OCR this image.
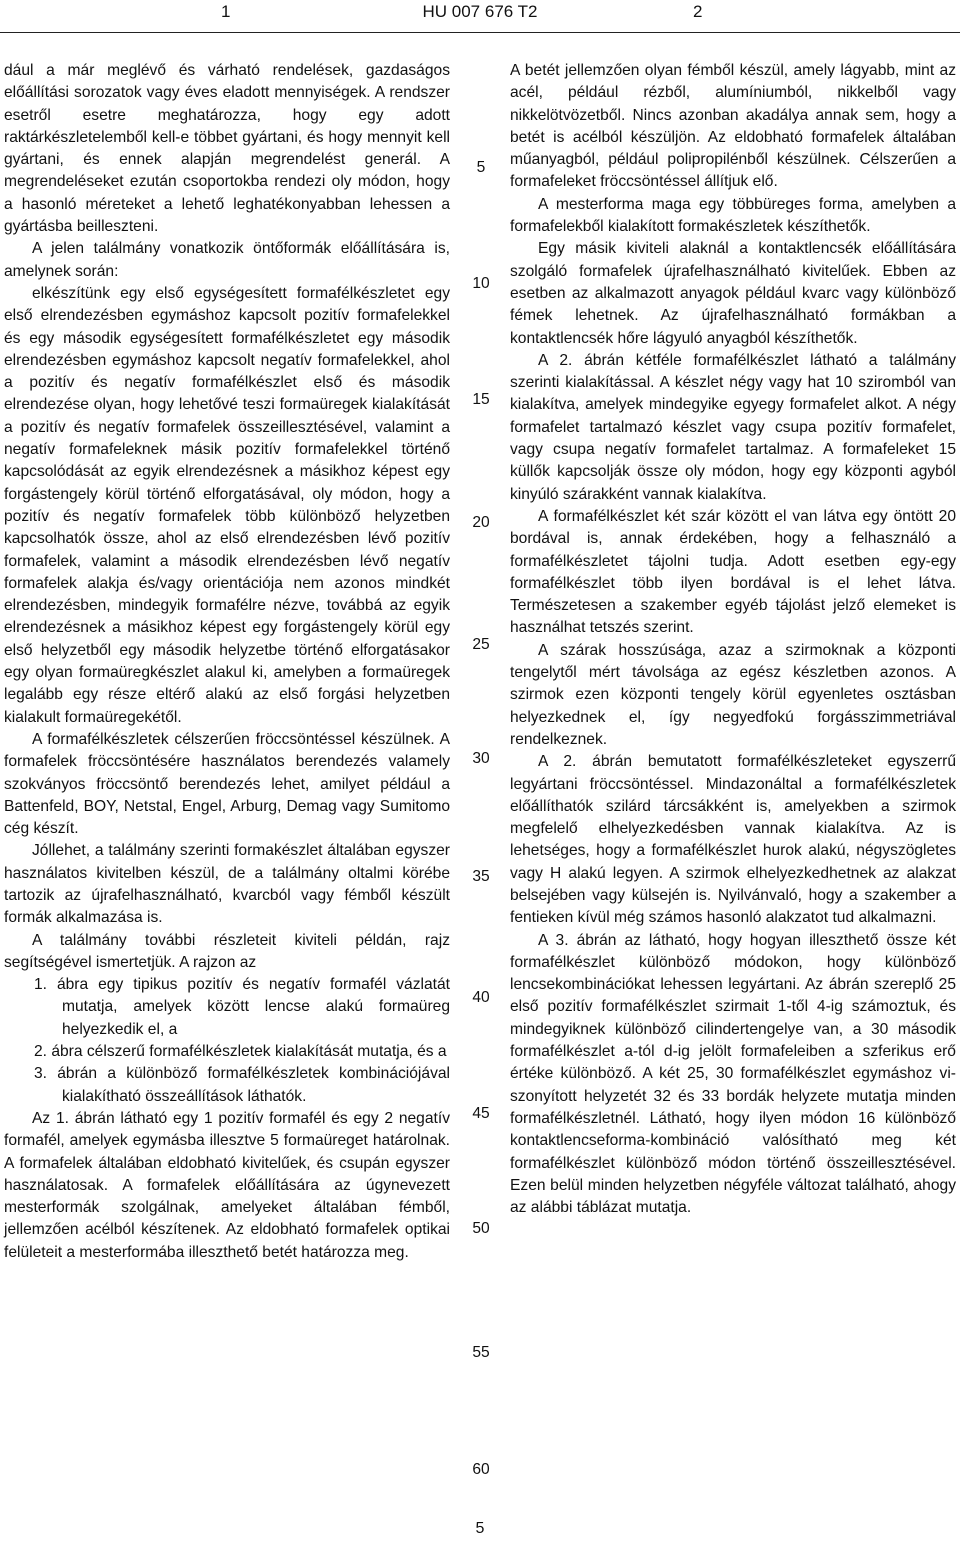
1	HU 007 676 T2	2

dául a már meglévő és várható rendelések, gazdaságos előállítási sorozatok vagy éves eladott mennyiségek. A rendszer esetről esetre meghatározza, hogy egy adott raktárkészletelemből kell-e többet gyártani, és hogy mennyit kell gyártani, és ennek alapján megrendelést generál. A megrendeléseket ezután csoportokba rendezi oly módon, hogy a hasonló méreteket a lehető leghatékonyabban lehessen a gyártásba beilleszteni.

A jelen találmány vonatkozik öntőformák előállítására is, amelynek során:

elkészítünk egy első egységesített formafélkészletet egy első elrendezésben egymáshoz kapcsolt pozitív formafelekkel és egy második egységesített formafélkészletet egy második elrendezésben egymáshoz kapcsolt negatív formafelekkel, ahol a pozitív és negatív formafélkészlet első és második elrendezése olyan, hogy lehetővé teszi formaüregek kialakítását a pozitív és negatív formafelek összeillesztésével, valamint a negatív formafeleknek másik pozitív formafelekkel történő kapcsolódását az egyik elrendezésnek a másikhoz képest egy forgástengely körül történő elforgatásával, oly módon, hogy a pozitív és negatív formafelek több különböző helyzetben kapcsolhatók össze, ahol az első elrendezésben lévő pozitív formafelek, valamint a második elrendezésben lévő negatív formafelek alakja és/vagy orientációja nem azonos mindkét elrendezésben, mindegyik formafélre nézve, továbbá az egyik elrendezésnek a másikhoz képest egy forgástengely körül egy első helyzetből egy második helyzetbe történő elforgatásakor egy olyan formaüregkészlet alakul ki, amelyben a formaüregek legalább egy része eltérő alakú az első forgási helyzetben kialakult formaüregekétől.

A formafélkészletek célszerűen fröccsöntéssel készülnek. A formafelek fröccsöntésére használatos berendezés valamely szokványos fröccsöntő berendezés lehet, amilyet például a Battenfeld, BOY, Netstal, Engel, Arburg, Demag vagy Sumitomo cég készít.

Jóllehet, a találmány szerinti formakészlet általában egyszer használatos kivitelben készül, de a találmány oltalmi körébe tartozik az újrafelhasználható, kvarcból vagy fémből készült formák alkalmazása is.

A találmány további részleteit kiviteli példán, rajz segítségével ismertetjük. A rajzon az

1. ábra egy tipikus pozitív és negatív formafél vázlatát mutatja, amelyek között lencse alakú formaüreg helyezkedik el, a

2. ábra célszerű formafélkészletek kialakítását mutatja, és a

3. ábrán a különböző formafélkészletek kombinációjával kialakítható összeállítások láthatók.

Az 1. ábrán látható egy 1 pozitív formafél és egy 2 negatív formafél, amelyek egymásba illesztve 5 formaüreget határolnak. A formafelek általában eldobható kivitelűek, és csupán egyszer használatosak. A formafelek előállítására az úgynevezett mesterformák szolgálnak, amelyeket általában fémből, jellemzően acélból készítenek. Az eldobható formafelek optikai felületeit a mesterformába illeszthető betét határozza meg.

5
10
15
20
25
30
35
40
45
50
55
60

A betét jellemzően olyan fémből készül, amely lágyabb, mint az acél, például rézből, alumíniumból, nikkelből vagy nikkelötvözetből. Nincs azonban akadálya annak sem, hogy a betét is acélból készüljön. Az eldobható formafelek általában műanyagból, például polipropilénből készülnek. Célszerűen a formafeleket fröccsöntéssel állítjuk elő.

A mesterforma maga egy többüreges forma, amelyben a formafelekből kialakított formakészletek készíthetők.

Egy másik kiviteli alaknál a kontaktlencsék előállítására szolgáló formafelek újrafelhasználható kivitelűek. Ebben az esetben az alkalmazott anyagok például kvarc vagy különböző fémek lehetnek. Az újrafelhasználható formákban a kontaktlencsék hőre lágyuló anyagból készíthetők.

A 2. ábrán kétféle formafélkészlet látható a találmány szerinti kialakítással. A készlet négy vagy hat 10 sziromból van kialakítva, amelyek mindegyike egyegy formafelet alkot. A négy formafelet tartalmazó készlet vagy csupa pozitív formafelet, vagy csupa negatív formafelet tartalmaz. A formafeleket 15 küllők kapcsolják össze oly módon, hogy egy központi agyból kinyúló szárakként vannak kialakítva.

A formafélkészlet két szár között el van látva egy öntött 20 bordával is, annak érdekében, hogy a felhasználó a formafélkészletet tájolni tudja. Adott esetben egy-egy formafélkészlet több ilyen bordával is el lehet látva. Természetesen a szakember egyéb tájolást jelző elemeket is használhat tetszés szerint.

A szárak hosszúsága, azaz a szirmoknak a központi tengelytől mért távolsága az egész készletben azonos. A szirmok ezen központi tengely körül egyenletes osztásban helyezkednek el, így negyedfokú forgásszimmetriával rendelkeznek.

A 2. ábrán bemutatott formafélkészleteket egyszerrű legyártani fröccsöntéssel. Mindazonáltal a formafélkészletek előállíthatók szilárd tárcsákként is, amelyekben a szirmok megfelelő elhelyezkedésben vannak kialakítva. Az is lehetséges, hogy a formafélkészlet hurok alakú, négyszögletes vagy H alakú legyen. A szirmok elhelyezkedhetnek az alakzat belsejében vagy külsején is. Nyilvánvaló, hogy a szakember a fentieken kívül még számos hasonló alakzatot tud alkalmazni.

A 3. ábrán az látható, hogy hogyan illeszthető össze két formafélkészlet különböző módokon, hogy különböző lencsekombinációkat lehessen legyártani. Az ábrán szereplő 25 első pozitív formafélkészlet szirmait 1-től 4-ig számoztuk, és mindegyiknek különböző cilindertengelye van, a 30 második formafélkészlet a-tól d-ig jelölt formafeleiben a szferikus erő értéke különböző. A két 25, 30 formafélkészlet egymáshoz viszonyított helyzetét 32 és 33 bordák helyzete mutatja minden formafélkészletnél. Látható, hogy ilyen módon 16 különböző kontaktlencseforma-kombináció valósítható meg két formafélkészlet különböző módon történő összeillesztésével. Ezen belül minden helyzetben négyféle változat található, ahogy az alábbi táblázat mutatja.

5
